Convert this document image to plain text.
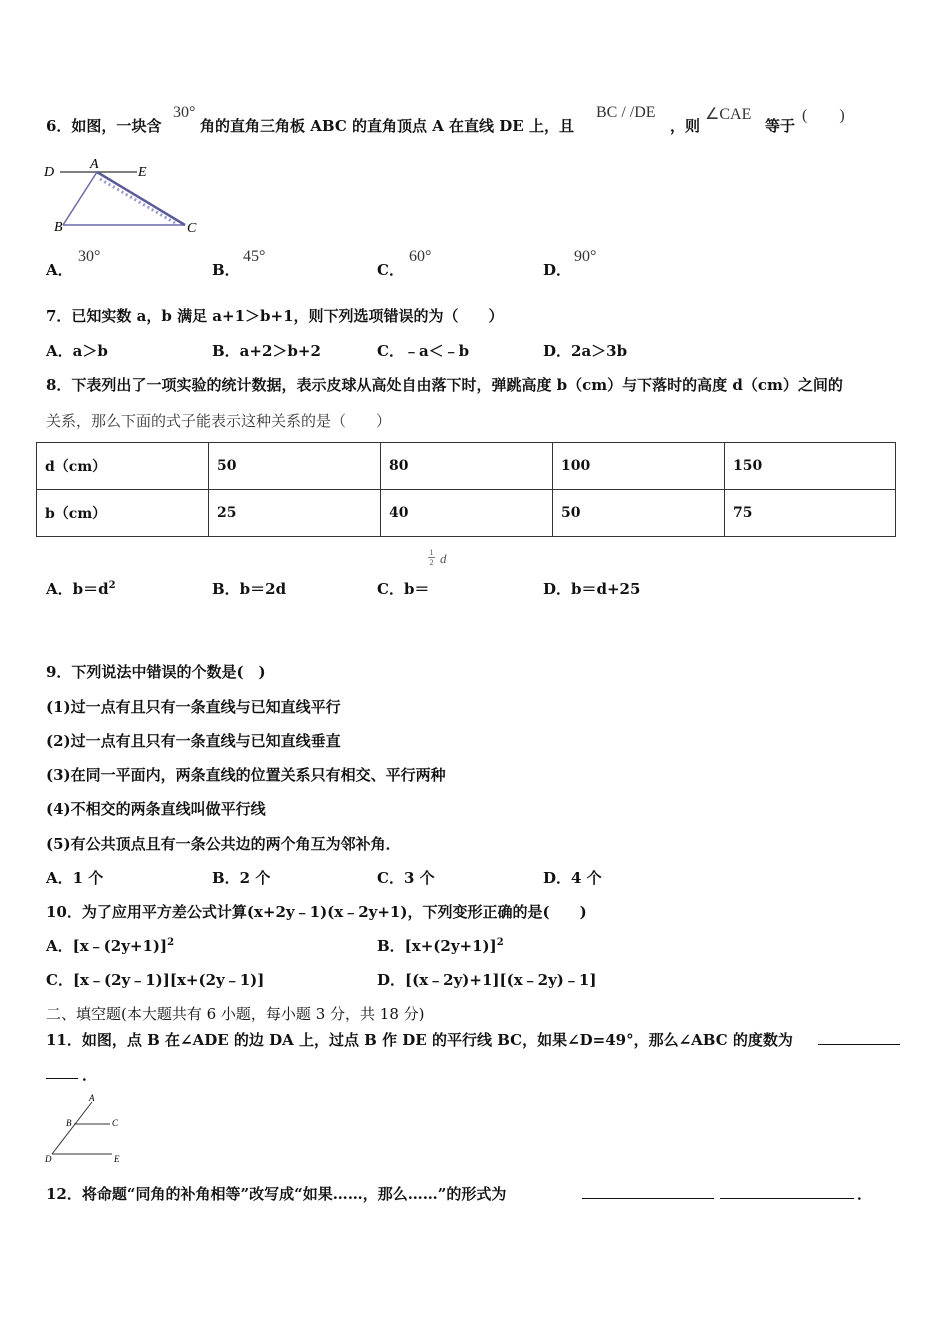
6．如图，一块含
30°
角的直角三角板 ABC 的直角顶点 A 在直线 DE 上，且
BC / /DE
，则
∠CAE
等于
(　　)
D
A
E
B	C
A．
30°
B．
45°
C．
60°
D．
90°
7．已知实数 a，b 满足 a+1＞b+1，则下列选项错误的为（　　）
A．a＞b	B．a+2＞b+2	C．﹣a＜﹣b	D．2a＞3b
8．下表列出了一项实验的统计数据，表示皮球从高处自由落下时，弹跳高度 b（cm）与下落时的高度 d（cm）之间的
关系，那么下面的式子能表示这种关系的是（　　）
d（cm）	50	80	100	150
b（cm）	25	40	50	75
A．$b=d^2$	B．b＝2d	C．b＝
1
2 d
D．b＝d+25
9．下列说法中错误的个数是(　)
(1)过一点有且只有一条直线与已知直线平行
(2)过一点有且只有一条直线与已知直线垂直
(3)在同一平面内，两条直线的位置关系只有相交、平行两种
(4)不相交的两条直线叫做平行线
(5)有公共顶点且有一条公共边的两个角互为邻补角．
A．1 个	B．2 个	C．3 个	D．4 个
10．为了应用平方差公式计算(x+2y﹣1)(x﹣2y+1)，下列变形正确的是(　　)
A．[x﹣(2y+1)]$^2$	B．$[x+(2y+1)]^2$
C．[x﹣(2y﹣1)][x+(2y﹣1)]	D．[(x﹣2y)+1][(x﹣2y)﹣1]
二、填空题(本大题共有 6 小题，每小题 3 分，共 18 分)
11．如图，点 B 在∠ADE 的边 DA 上，过点 B 作 DE 的平行线 BC，如果∠D=49°，那么∠ABC 的度数为
．
A
B	C
D	E
12．将命题“同角的补角相等”改写成“如果……，那么……”的形式为	．
